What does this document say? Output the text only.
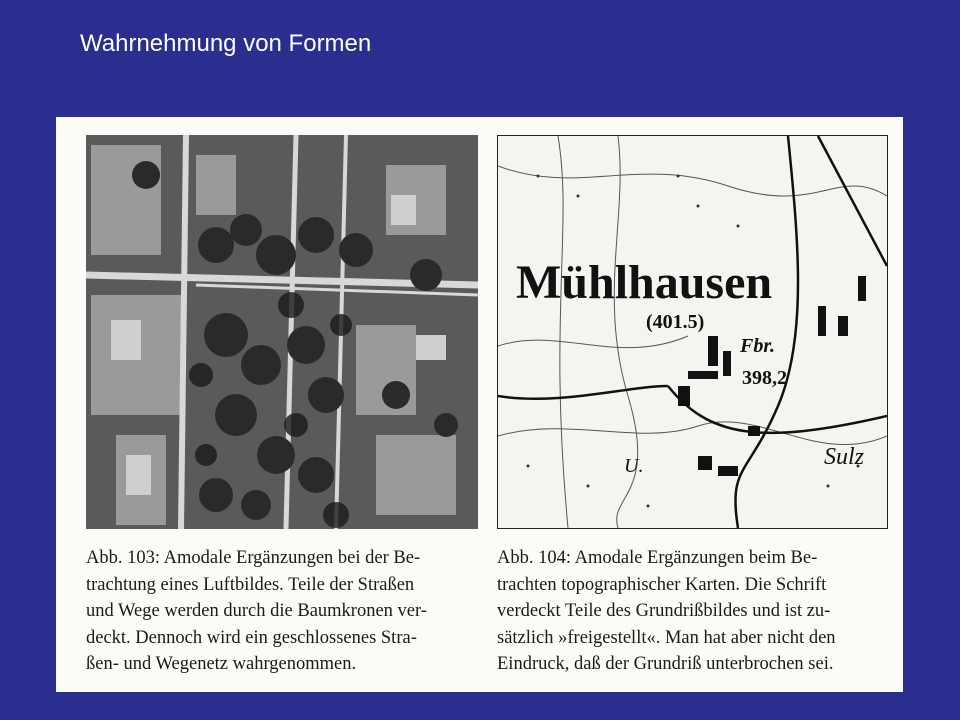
Wahrnehmung von Formen
Mühlhausen
(401.5)
Fbr.
398,2
Sulz
U.

Abb. 103: Amodale Ergänzungen bei der Be-
trachtung eines Luftbildes. Teile der Straßen
und Wege werden durch die Baumkronen ver-
deckt. Dennoch wird ein geschlossenes Stra-
ßen- und Wegenetz wahrgenommen.

Abb. 104: Amodale Ergänzungen beim Be-
trachten topographischer Karten. Die Schrift
verdeckt Teile des Grundrißbildes und ist zu-
sätzlich »freigestellt«. Man hat aber nicht den
Eindruck, daß der Grundriß unterbrochen sei.
